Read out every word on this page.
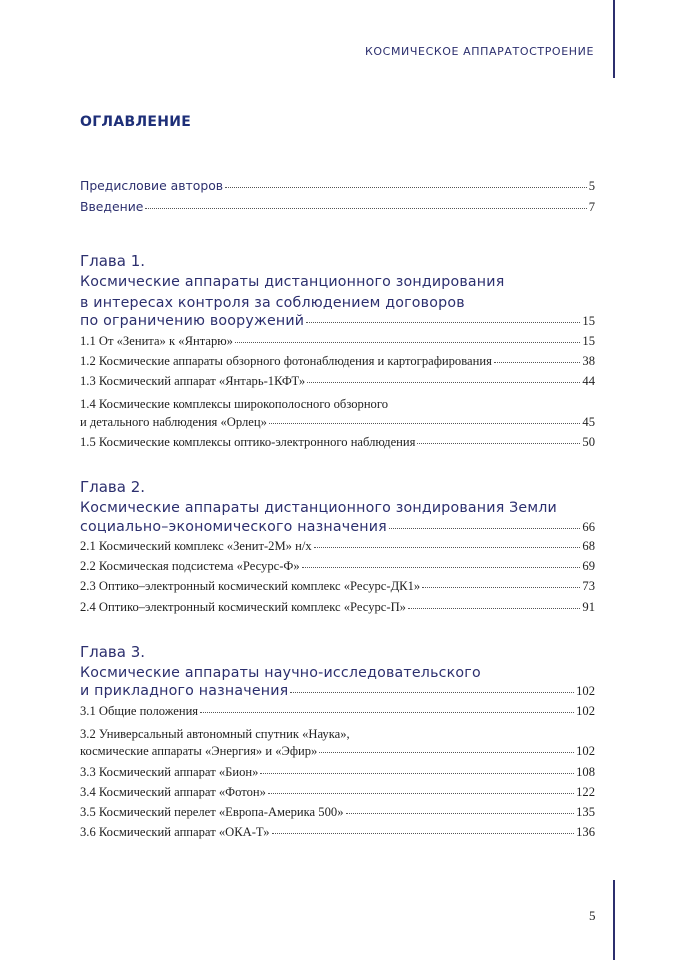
КОСМИЧЕСКОЕ АППАРАТОСТРОЕНИЕ
ОГЛАВЛЕНИЕ
Предисловие авторов	5
Введение	7
Глава 1.
Космические аппараты дистанционного зондирования
в интересах контроля за соблюдением договоров
по ограничению вооружений	15
1.1 От «Зенита» к «Янтарю»	15
1.2 Космические аппараты обзорного фотонаблюдения и картографирования	38
1.3 Космический аппарат «Янтарь-1КФТ»	44
1.4 Космические комплексы широкополосного обзорного
и детального наблюдения «Орлец»	45
1.5 Космические комплексы оптико-электронного наблюдения	50
Глава 2.
Космические аппараты дистанционного зондирования Земли
социально–экономического назначения	66
2.1 Космический комплекс «Зенит-2М» н/х	68
2.2 Космическая подсистема «Ресурс-Ф»	69
2.3 Оптико–электронный космический комплекс «Ресурс-ДК1»	73
2.4 Оптико–электронный космический комплекс «Ресурс-П»	91
Глава 3.
Космические аппараты научно-исследовательского
и прикладного назначения	102
3.1 Общие положения	102
3.2 Универсальный автономный спутник «Наука»,
космические аппараты «Энергия» и «Эфир»	102
3.3 Космический аппарат «Бион»	108
3.4 Космический аппарат «Фотон»	122
3.5 Космический перелет «Европа-Америка 500»	135
3.6 Космический аппарат «ОКА-Т»	136
5
